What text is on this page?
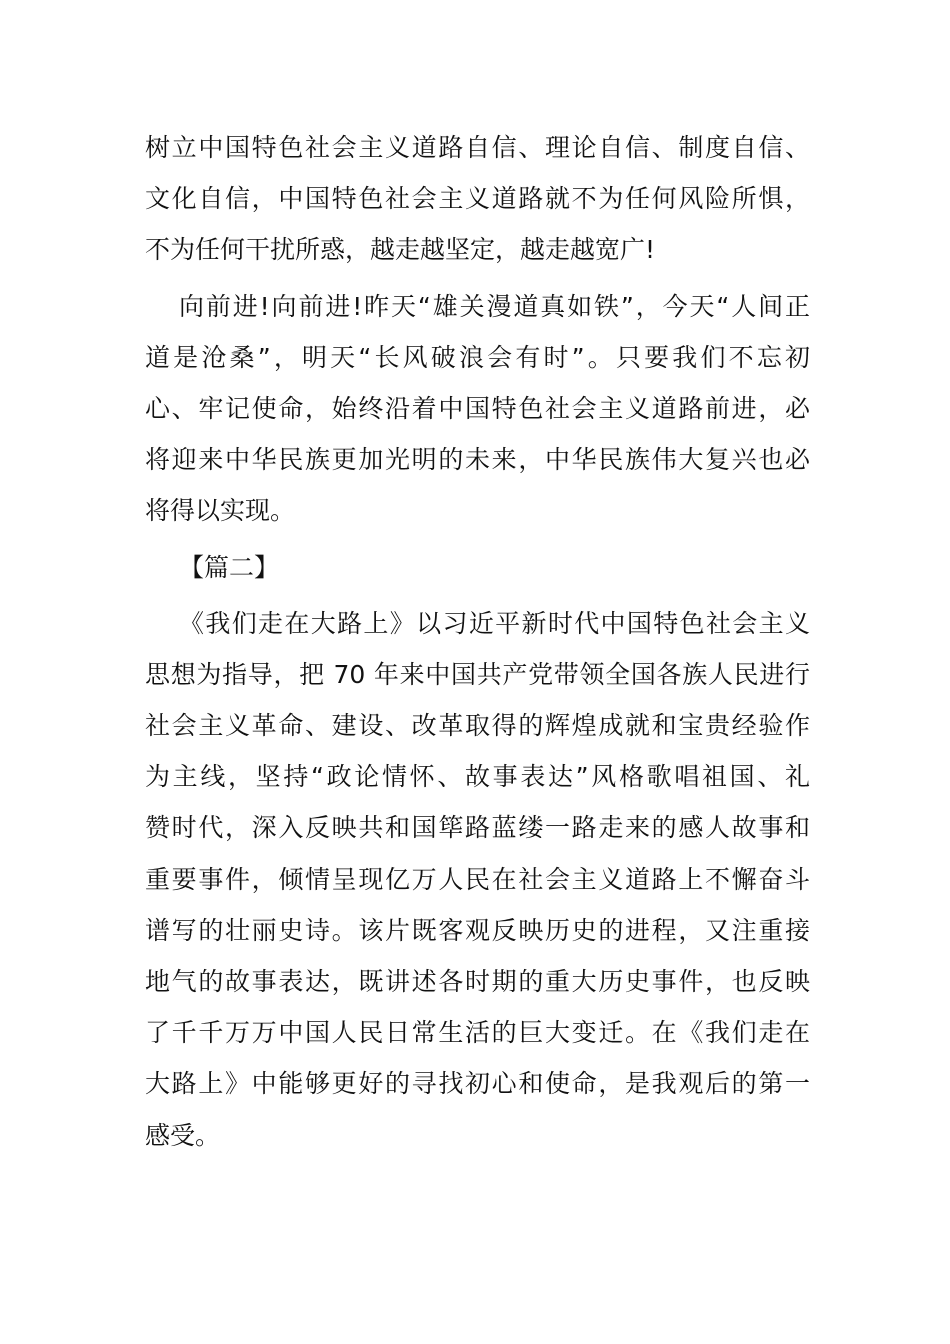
树立中国特色社会主义道路自信、理论自信、制度自信、
文化自信，中国特色社会主义道路就不为任何风险所惧，
不为任何干扰所惑，越走越坚定，越走越宽广!
向前进!向前进!昨天“雄关漫道真如铁”，今天“人间正
道是沧桑”，明天“长风破浪会有时”。只要我们不忘初
心、牢记使命，始终沿着中国特色社会主义道路前进，必
将迎来中华民族更加光明的未来，中华民族伟大复兴也必
将得以实现。
【篇二】
《我们走在大路上》以习近平新时代中国特色社会主义
思想为指导，把 70 年来中国共产党带领全国各族人民进行
社会主义革命、建设、改革取得的辉煌成就和宝贵经验作
为主线，坚持“政论情怀、故事表达”风格歌唱祖国、礼
赞时代，深入反映共和国筚路蓝缕一路走来的感人故事和
重要事件，倾情呈现亿万人民在社会主义道路上不懈奋斗
谱写的壮丽史诗。该片既客观反映历史的进程，又注重接
地气的故事表达，既讲述各时期的重大历史事件，也反映
了千千万万中国人民日常生活的巨大变迁。在《我们走在
大路上》中能够更好的寻找初心和使命，是我观后的第一
感受。
